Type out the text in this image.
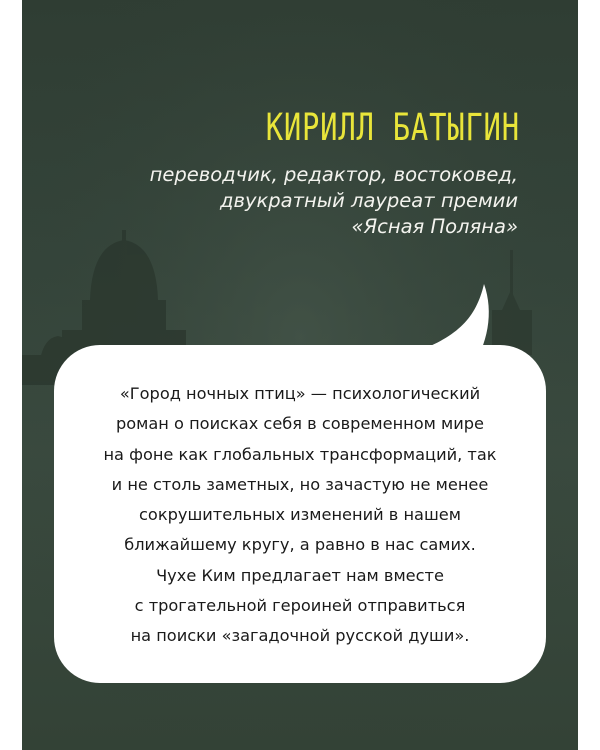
КИРИЛЛ БАТЫГИН
переводчик, редактор, востоковед,
двукратный лауреат премии
«Ясная Поляна»
«Город ночных птиц» — психологический
роман о поисках себя в современном мире
на фоне как глобальных трансформаций, так
и не столь заметных, но зачастую не менее
сокрушительных изменений в нашем
ближайшему кругу, а равно в нас самих.
Чухе Ким предлагает нам вместе
с трогательной героиней отправиться
на поиски «загадочной русской души».
